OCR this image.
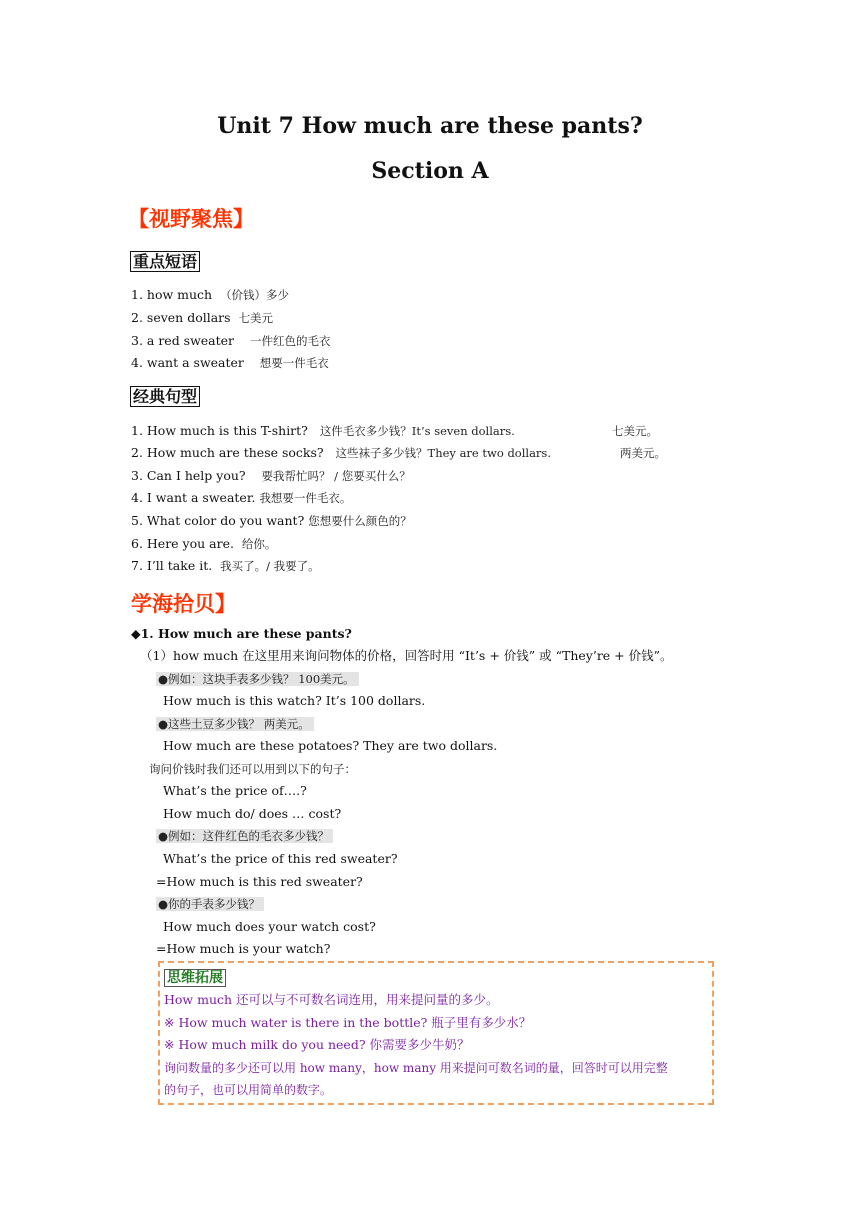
Unit 7 How much are these pants?
Section A
【视野聚焦】
重点短语
1. how much （价钱）多少
2. seven dollars 七美元
3. a red sweater 一件红色的毛衣
4. want a sweater 想要一件毛衣
经典句型
1. How much is this T-shirt? 这件毛衣多少钱？It’s seven dollars.	七美元。
2. How much are these socks? 这些袜子多少钱？They are two dollars.	两美元。
3. Can I help you? 要我帮忙吗？ / 您要买什么？
4. I want a sweater. 我想要一件毛衣。
5. What color do you want? 您想要什么颜色的？
6. Here you are. 给你。
7. I’ll take it. 我买了。/ 我要了。
学海拾贝】
◆1. How much are these pants?
（1）how much 在这里用来询问物体的价格，回答时用 “It’s + 价钱” 或 “They’re + 价钱”。
●例如：这块手表多少钱？ 100美元。
How much is this watch? It’s 100 dollars.
●这些土豆多少钱？ 两美元。
How much are these potatoes? They are two dollars.
询问价钱时我们还可以用到以下的句子：
What’s the price of….?
How much do/ does … cost?
●例如：这件红色的毛衣多少钱？
What’s the price of this red sweater?
=How much is this red sweater?
●你的手表多少钱？
How much does your watch cost?
=How much is your watch?
思维拓展
How much 还可以与不可数名词连用，用来提问量的多少。
※ How much water is there in the bottle? 瓶子里有多少水？
※ How much milk do you need? 你需要多少牛奶？
询问数量的多少还可以用 how many，how many 用来提问可数名词的量，回答时可以用完整
的句子，也可以用简单的数字。
